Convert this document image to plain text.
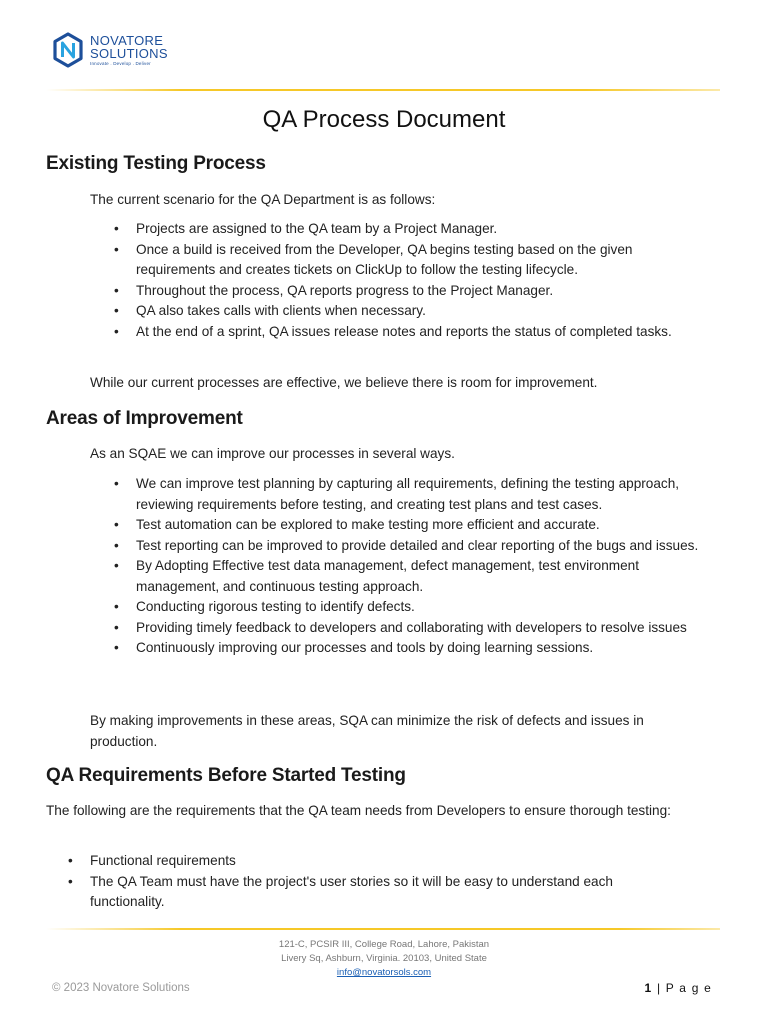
NOVATORE
SOLUTIONS
Innovate . Develop . Deliver
QA Process Document
Existing Testing Process
The current scenario for the QA Department is as follows:
• Projects are assigned to the QA team by a Project Manager.
• Once a build is received from the Developer, QA begins testing based on the given requirements and creates tickets on ClickUp to follow the testing lifecycle.
• Throughout the process, QA reports progress to the Project Manager.
• QA also takes calls with clients when necessary.
• At the end of a sprint, QA issues release notes and reports the status of completed tasks.
While our current processes are effective, we believe there is room for improvement.
Areas of Improvement
As an SQAE we can improve our processes in several ways.
• We can improve test planning by capturing all requirements, defining the testing approach, reviewing requirements before testing, and creating test plans and test cases.
• Test automation can be explored to make testing more efficient and accurate.
• Test reporting can be improved to provide detailed and clear reporting of the bugs and issues.
• By Adopting Effective test data management, defect management, test environment management, and continuous testing approach.
• Conducting rigorous testing to identify defects.
• Providing timely feedback to developers and collaborating with developers to resolve issues
• Continuously improving our processes and tools by doing learning sessions.
By making improvements in these areas, SQA can minimize the risk of defects and issues in production.
QA Requirements Before Started Testing
The following are the requirements that the QA team needs from Developers to ensure thorough testing:
• Functional requirements
• The QA Team must have the project's user stories so it will be easy to understand each functionality.
121-C, PCSIR III, College Road, Lahore, Pakistan
Livery Sq, Ashburn, Virginia. 20103, United State
info@novatorsols.com
© 2023 Novatore Solutions	1 | P a g e
